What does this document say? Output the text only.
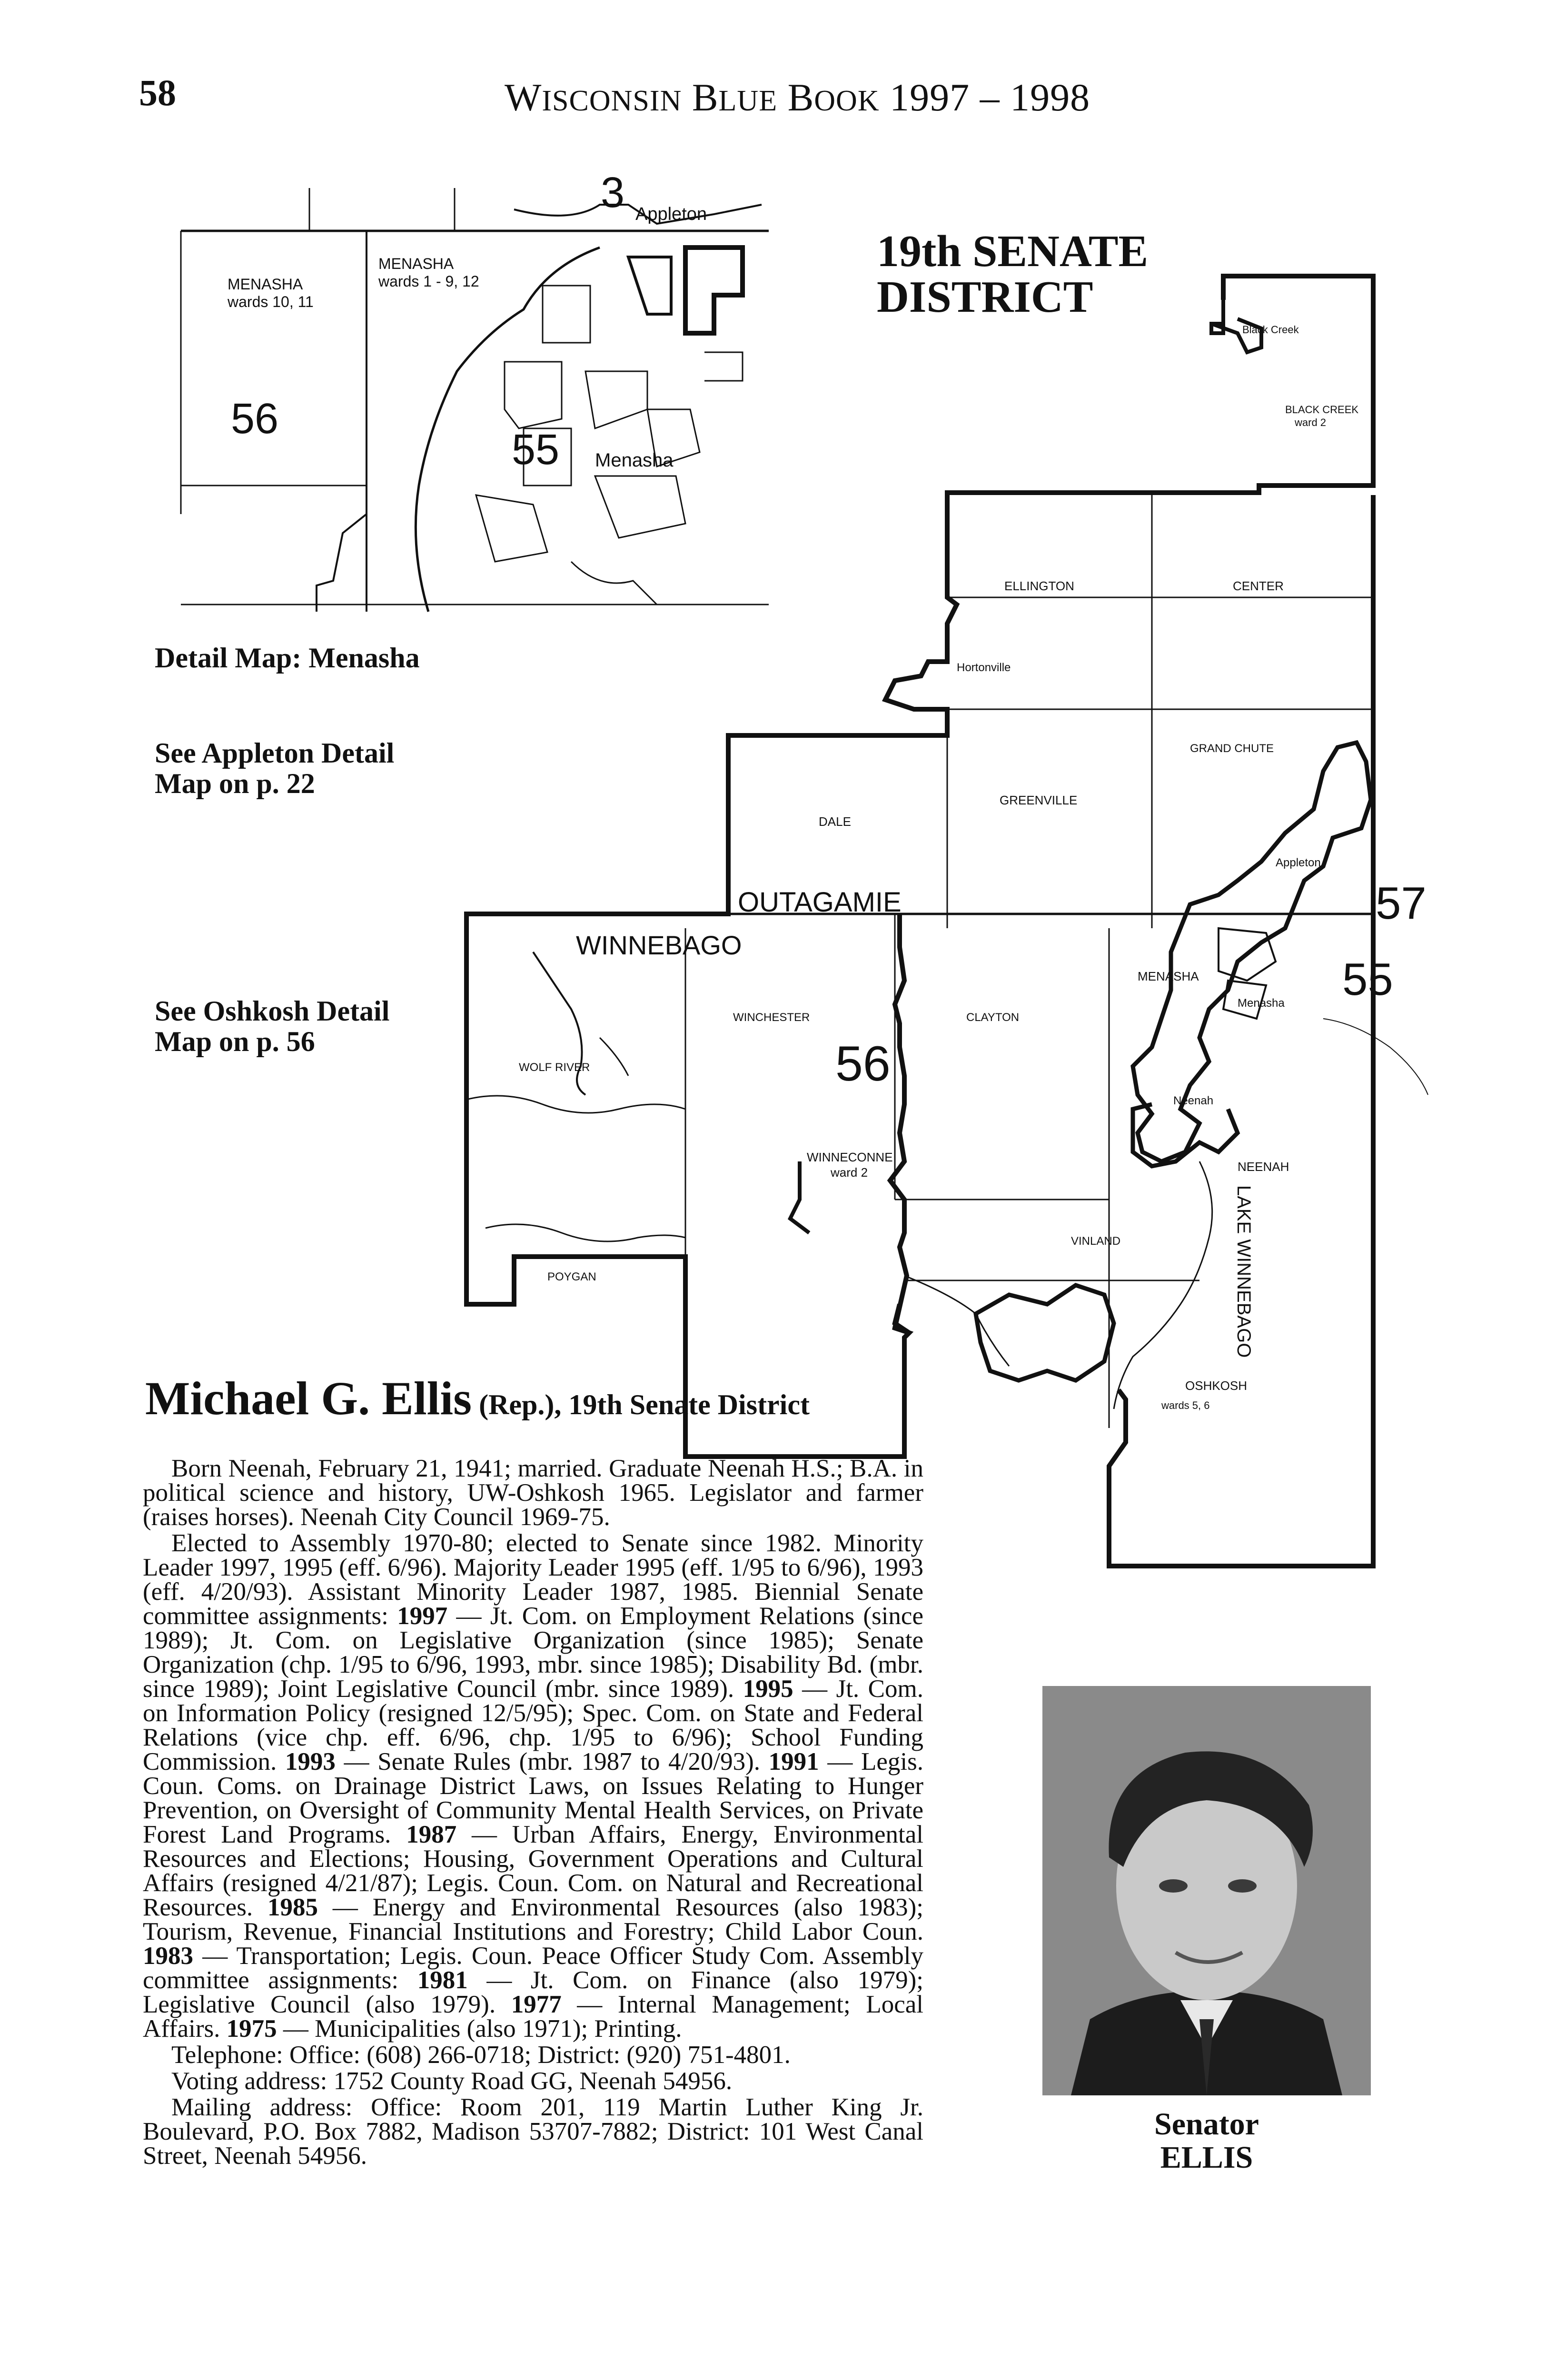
58	WISCONSIN BLUE BOOK 1997 – 1998
MENASHA
wards 10, 11
MENASHA
wards 1 - 9, 12
3 Appleton
56
55 Menasha
Black Creek
BLACK CREEK
ward 2
ELLINGTON	CENTER
Hortonville
GRAND CHUTE
GREENVILLE
DALE
Appleton
OUTAGAMIE
WINNEBAGO
57
55
MENASHA
Menasha
WINCHESTER	CLAYTON
WOLF RIVER	56
Neenah
WINNECONNE
ward 2	NEENAH
LAKE WINNEBAGO
VINLAND
POYGAN
OSHKOSH
wards 5, 6
19th SENATE
DISTRICT
Detail Map: Menasha
See Appleton Detail
Map on p. 22
See Oshkosh Detail
Map on p. 56
Michael G. Ellis (Rep.), 19th Senate District

Born Neenah, February 21, 1941; married. Graduate Neenah H.S.; B.A. in political science and history, UW-Oshkosh 1965. Legislator and farmer (raises horses). Neenah City Council 1969-75.

Elected to Assembly 1970-80; elected to Senate since 1982. Minority Leader 1997, 1995 (eff. 6/96). Majority Leader 1995 (eff. 1/95 to 6/96), 1993 (eff. 4/20/93). Assistant Minority Leader 1987, 1985. Biennial Senate committee assignments: 1997 — Jt. Com. on Employment Relations (since 1989); Jt. Com. on Legislative Organization (since 1985); Senate Organization (chp. 1/95 to 6/96, 1993, mbr. since 1985); Disability Bd. (mbr. since 1989); Joint Legislative Council (mbr. since 1989). 1995 — Jt. Com. on Information Policy (resigned 12/5/95); Spec. Com. on State and Federal Relations (vice chp. eff. 6/96, chp. 1/95 to 6/96); School Funding Commission. 1993 — Senate Rules (mbr. 1987 to 4/20/93). 1991 — Legis. Coun. Coms. on Drainage District Laws, on Issues Relating to Hunger Prevention, on Oversight of Community Mental Health Services, on Private Forest Land Programs. 1987 — Urban Affairs, Energy, Environmental Resources and Elections; Housing, Government Operations and Cultural Affairs (resigned 4/21/87); Legis. Coun. Com. on Natural and Recreational Resources. 1985 — Energy and Environmental Resources (also 1983); Tourism, Revenue, Financial Institutions and Forestry; Child Labor Coun. 1983 — Transportation; Legis. Coun. Peace Officer Study Com. Assembly committee assignments: 1981 — Jt. Com. on Finance (also 1979); Legislative Council (also 1979). 1977 — Internal Management; Local Affairs. 1975 — Municipalities (also 1971); Printing.

Telephone: Office: (608) 266-0718; District: (920) 751-4801.

Voting address: 1752 County Road GG, Neenah 54956.

Mailing address: Office: Room 201, 119 Martin Luther King Jr. Boulevard, P.O. Box 7882, Madison 53707-7882; District: 101 West Canal Street, Neenah 54956.

Senator
ELLIS
